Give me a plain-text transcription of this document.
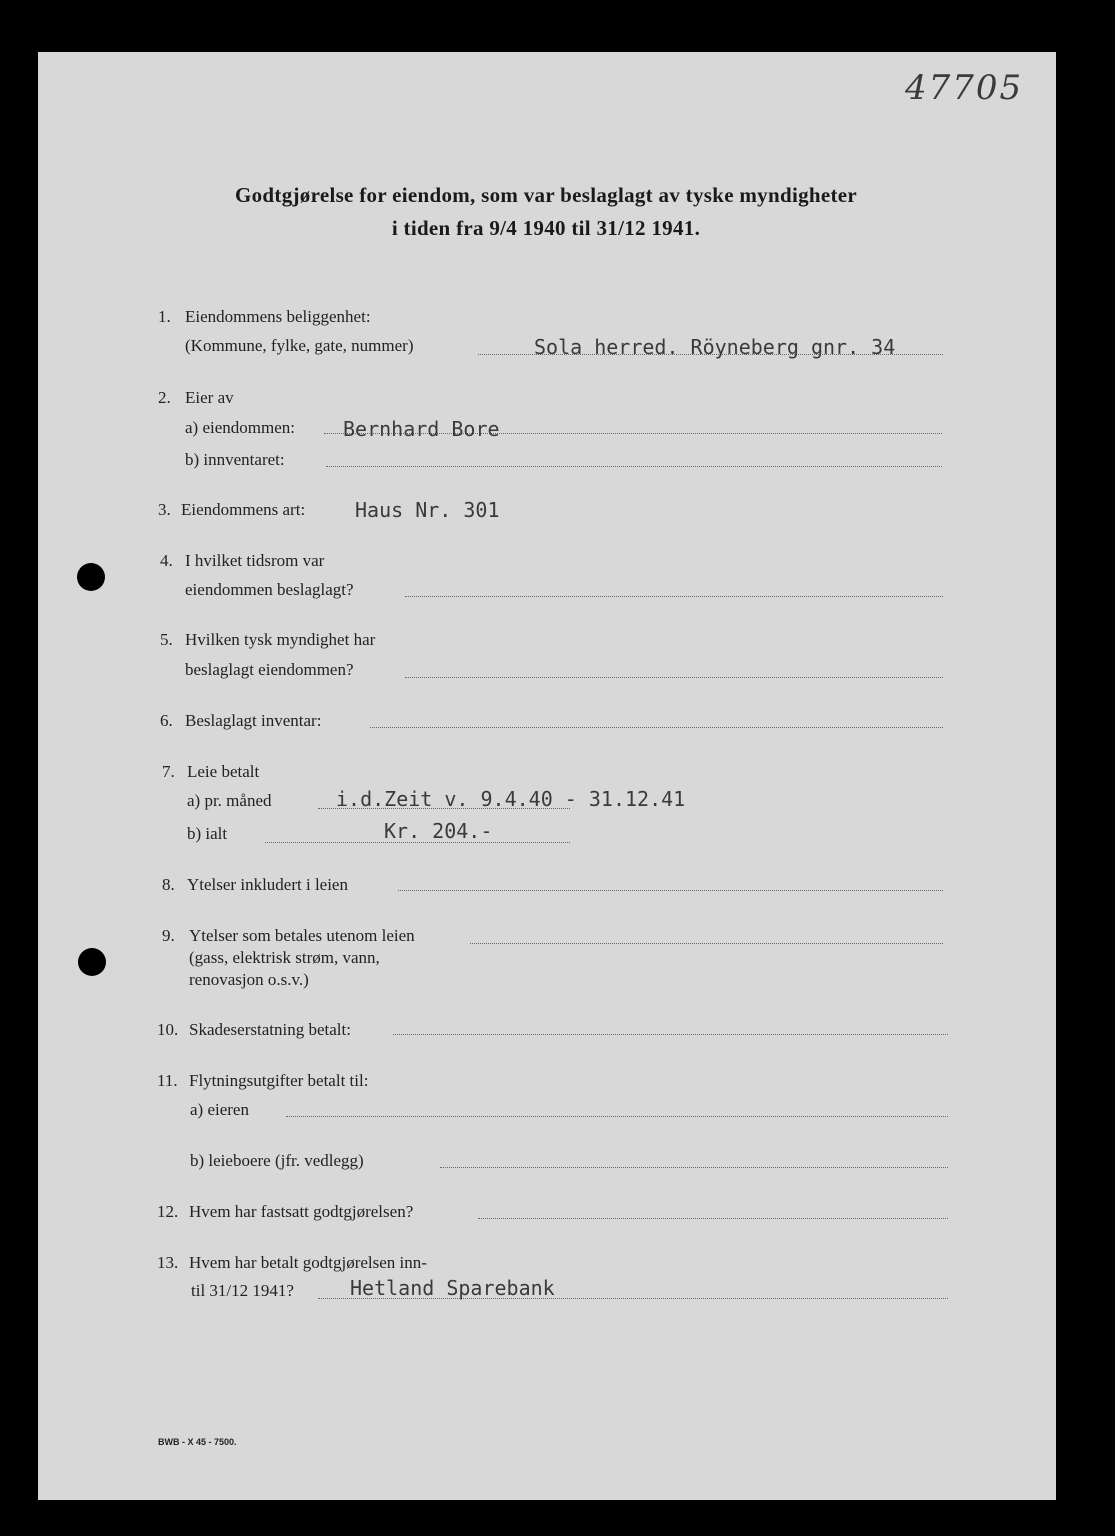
47705
Godtgjørelse for eiendom, som var beslaglagt av tyske myndigheter
i tiden fra 9/4 1940 til 31/12 1941.
1. Eiendommens beliggenhet:
(Kommune, fylke, gate, nummer)	Sola herred. Röyneberg gnr. 34
2. Eier av
a) eiendommen: Bernhard Bore
b) innventaret:
3. Eiendommens art: Haus Nr. 301
4. I hvilket tidsrom var
eiendommen beslaglagt?
5. Hvilken tysk myndighet har
beslaglagt eiendommen?
6. Beslaglagt inventar:
7. Leie betalt
a) pr. måned	i.d.Zeit v. 9.4.40 - 31.12.41
b) ialt	Kr. 204.-
8. Ytelser inkludert i leien
9. Ytelser som betales utenom leien
(gass, elektrisk strøm, vann,
renovasjon o.s.v.)
10. Skadeserstatning betalt:
11. Flytningsutgifter betalt til:
a) eieren
b) leieboere (jfr. vedlegg)
12. Hvem har fastsatt godtgjørelsen?
13. Hvem har betalt godtgjørelsen inn-
til 31/12 1941?	Hetland Sparebank
BWB - X 45 - 7500.
